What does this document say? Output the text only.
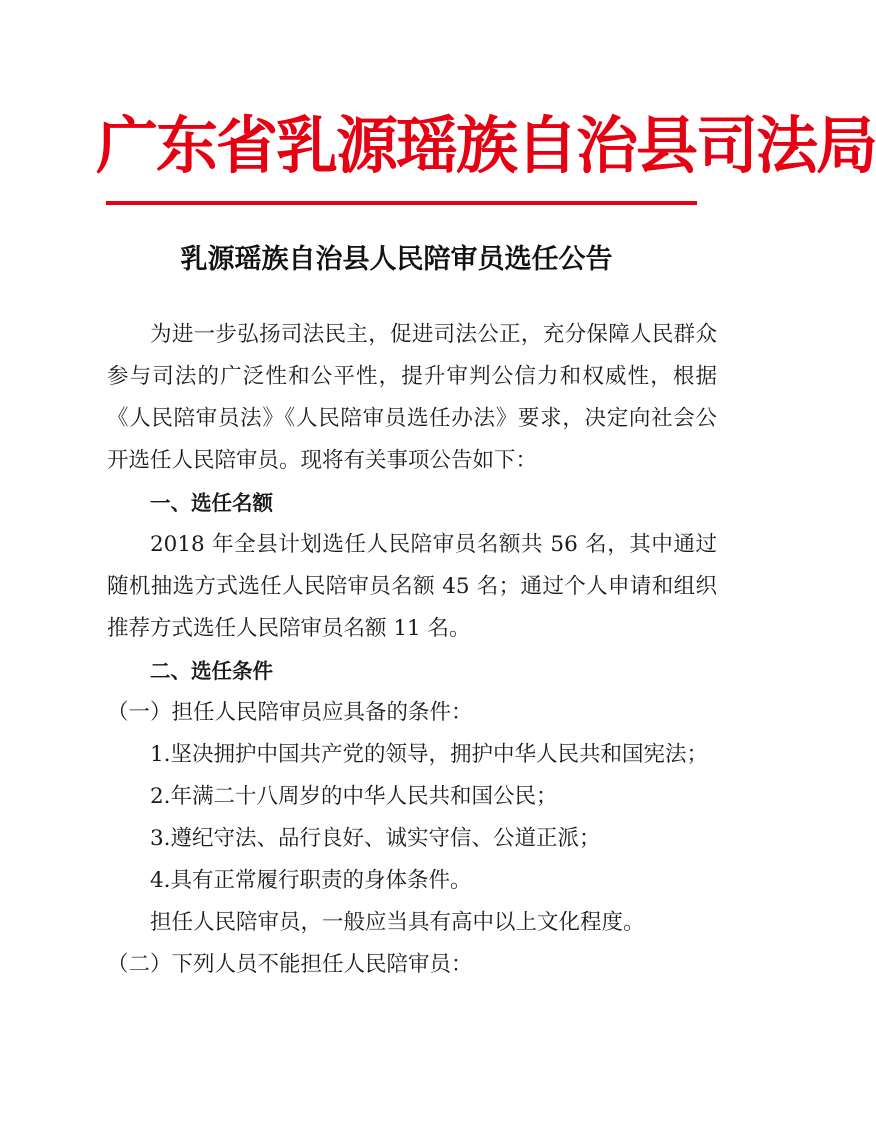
广东省乳源瑶族自治县司法局
乳源瑶族自治县人民陪审员选任公告

为进一步弘扬司法民主，促进司法公正，充分保障人民群众参与司法的广泛性和公平性，提升审判公信力和权威性，根据《人民陪审员法》《人民陪审员选任办法》要求，决定向社会公开选任人民陪审员。现将有关事项公告如下：

一、选任名额

2018 年全县计划选任人民陪审员名额共 56 名，其中通过随机抽选方式选任人民陪审员名额 45 名；通过个人申请和组织推荐方式选任人民陪审员名额 11 名。

二、选任条件

（一）担任人民陪审员应具备的条件：

1.坚决拥护中国共产党的领导，拥护中华人民共和国宪法；

2.年满二十八周岁的中华人民共和国公民；

3.遵纪守法、品行良好、诚实守信、公道正派；

4.具有正常履行职责的身体条件。

担任人民陪审员，一般应当具有高中以上文化程度。

（二）下列人员不能担任人民陪审员：
